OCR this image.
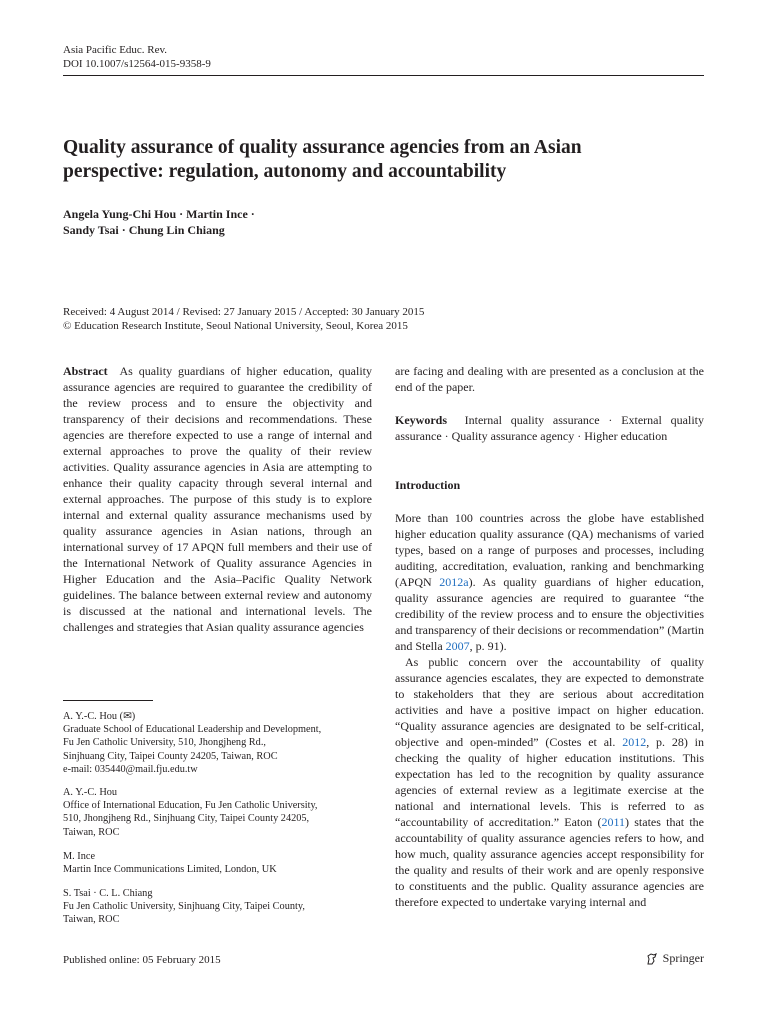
Asia Pacific Educ. Rev.
DOI 10.1007/s12564-015-9358-9
Quality assurance of quality assurance agencies from an Asian perspective: regulation, autonomy and accountability
Angela Yung-Chi Hou · Martin Ince ·
Sandy Tsai · Chung Lin Chiang
Received: 4 August 2014 / Revised: 27 January 2015 / Accepted: 30 January 2015
© Education Research Institute, Seoul National University, Seoul, Korea 2015

Abstract As quality guardians of higher education, quality assurance agencies are required to guarantee the credibility of the review process and to ensure the objectivity and transparency of their decisions and recommendations. These agencies are therefore expected to use a range of internal and external approaches to prove the quality of their review activities. Quality assurance agencies in Asia are attempting to enhance their quality capacity through several internal and external approaches. The purpose of this study is to explore internal and external quality assurance mechanisms used by quality assurance agencies in Asian nations, through an international survey of 17 APQN full members and their use of the International Network of Quality assurance Agencies in Higher Education and the Asia–Pacific Quality Network guidelines. The balance between external review and autonomy is discussed at the national and international levels. The challenges and strategies that Asian quality assurance agencies

A. Y.-C. Hou (✉)
Graduate School of Educational Leadership and Development,
Fu Jen Catholic University, 510, Jhongjheng Rd.,
Sinjhuang City, Taipei County 24205, Taiwan, ROC
e-mail: 035440@mail.fju.edu.tw
A. Y.-C. Hou
Office of International Education, Fu Jen Catholic University,
510, Jhongjheng Rd., Sinjhuang City, Taipei County 24205,
Taiwan, ROC
M. Ince
Martin Ince Communications Limited, London, UK
S. Tsai · C. L. Chiang
Fu Jen Catholic University, Sinjhuang City, Taipei County,
Taiwan, ROC
are facing and dealing with are presented as a conclusion at the end of the paper.

Keywords Internal quality assurance · External quality assurance · Quality assurance agency · Higher education

Introduction

More than 100 countries across the globe have established higher education quality assurance (QA) mechanisms of varied types, based on a range of purposes and processes, including auditing, accreditation, evaluation, ranking and benchmarking (APQN 2012a). As quality guardians of higher education, quality assurance agencies are required to guarantee “the credibility of the review process and to ensure the objectivities and transparency of their decisions or recommendation” (Martin and Stella 2007, p. 91).

As public concern over the accountability of quality assurance agencies escalates, they are expected to demonstrate to stakeholders that they are serious about accreditation activities and have a positive impact on higher education. “Quality assurance agencies are designated to be self-critical, objective and open-minded” (Costes et al. 2012, p. 28) in checking the quality of higher education institutions. This expectation has led to the recognition by quality assurance agencies of external review as a legitimate exercise at the national and international levels. This is referred to as “accountability of accreditation.” Eaton (2011) states that the accountability of quality assurance agencies refers to how, and how much, quality assurance agencies accept responsibility for the quality and results of their work and are openly responsive to constituents and the public. Quality assurance agencies are therefore expected to undertake varying internal and

Published online: 05 February 2015	Springer
